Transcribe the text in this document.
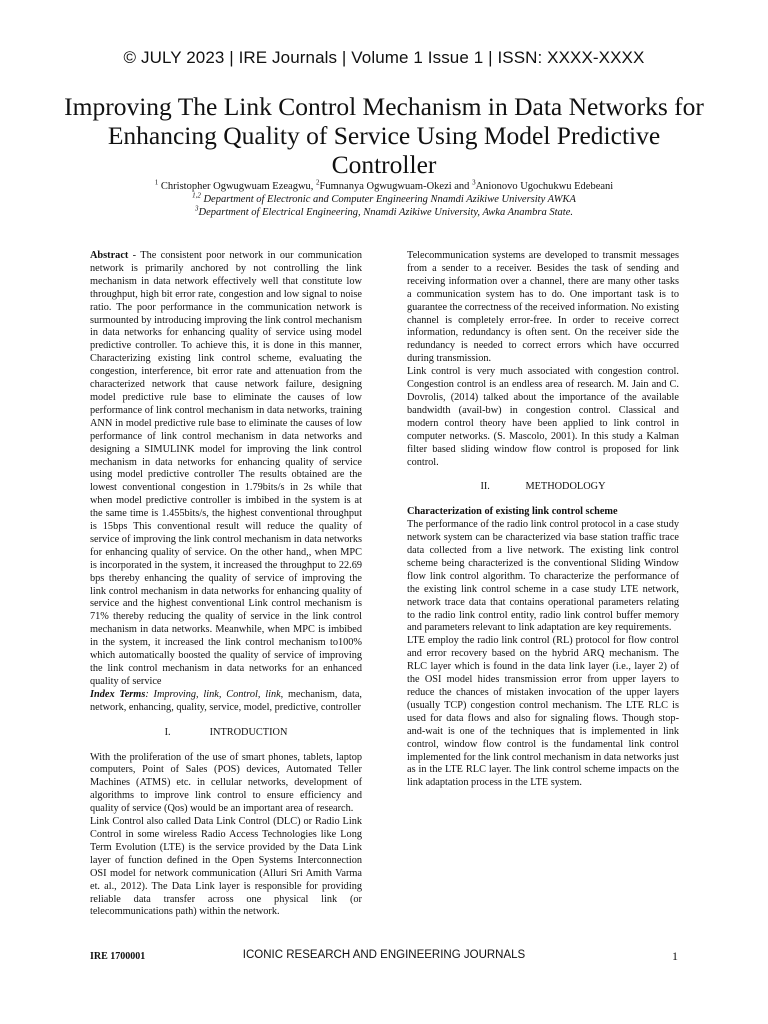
© JULY 2023 | IRE Journals | Volume 1 Issue 1 | ISSN: XXXX-XXXX
Improving The Link Control Mechanism in Data Networks for Enhancing Quality of Service Using Model Predictive Controller
$^1$ Christopher Ogwugwuam Ezeagwu, $^2$Fumnanya Ogwugwuam-Okezi and $^3$Anionovo Ugochukwu Edebeani
$^{1,2}$ Department of Electronic and Computer Engineering Nnamdi Azikiwe University AWKA
$^3$Department of Electrical Engineering, Nnamdi Azikiwe University, Awka Anambra State.

Abstract - The consistent poor network in our communication network is primarily anchored by not controlling the link mechanism in data network effectively well that constitute low throughput, high bit error rate, congestion and low signal to noise ratio. The poor performance in the communication network is surmounted by introducing improving the link control mechanism in data networks for enhancing quality of service using model predictive controller. To achieve this, it is done in this manner, Characterizing existing link control scheme, evaluating the congestion, interference, bit error rate and attenuation from the characterized network that cause network failure, designing model predictive rule base to eliminate the causes of low performance of link control mechanism in data networks, training ANN in model predictive rule base to eliminate the causes of low performance of link control mechanism in data networks and designing a SIMULINK model for improving the link control mechanism in data networks for enhancing quality of service using model predictive controller The results obtained are the lowest conventional congestion in 1.79bits/s in 2s while that when model predictive controller is imbibed in the system is at the same time is 1.455bits/s, the highest conventional throughput is 15bps This conventional result will reduce the quality of service of improving the link control mechanism in data networks for enhancing quality of service. On the other hand,, when MPC is incorporated in the system, it increased the throughput to 22.69 bps thereby enhancing the quality of service of improving the link control mechanism in data networks for enhancing quality of service and the highest conventional Link control mechanism is 71% thereby reducing the quality of service in the link control mechanism in data networks. Meanwhile, when MPC is imbibed in the system, it increased the link control mechanism to100% which automatically boosted the quality of service of improving the link control mechanism in data networks for an enhanced quality of service

Index Terms: Improving, link, Control, link, mechanism, data, network, enhancing, quality, service, model, predictive, controller

I.	INTRODUCTION

With the proliferation of the use of smart phones, tablets, laptop computers, Point of Sales (POS) devices, Automated Teller Machines (ATMS) etc. in cellular networks, development of algorithms to improve link control to ensure efficiency and quality of service (Qos) would be an important area of research.

Link Control also called Data Link Control (DLC) or Radio Link Control in some wireless Radio Access Technologies like Long Term Evolution (LTE) is the service provided by the Data Link layer of function defined in the Open Systems Interconnection OSI model for network communication (Alluri Sri Amith Varma et. al., 2012). The Data Link layer is responsible for providing reliable data transfer across one physical link (or telecommunications path) within the network.

Telecommunication systems are developed to transmit messages from a sender to a receiver. Besides the task of sending and receiving information over a channel, there are many other tasks a communication system has to do. One important task is to guarantee the correctness of the received information. No existing channel is completely error-free. In order to receive correct information, redundancy is often sent. On the receiver side the redundancy is needed to correct errors which have occurred during transmission.

Link control is very much associated with congestion control. Congestion control is an endless area of research. M. Jain and C. Dovrolis, (2014) talked about the importance of the available bandwidth (avail-bw) in congestion control. Classical and modern control theory have been applied to link control in computer networks. (S. Mascolo, 2001). In this study a Kalman filter based sliding window flow control is proposed for link control.

II.	METHODOLOGY

Characterization of existing link control scheme

The performance of the radio link control protocol in a case study network system can be characterized via base station traffic trace data collected from a live network. The existing link control scheme being characterized is the conventional Sliding Window flow link control algorithm. To characterize the performance of the existing link control scheme in a case study LTE network, network trace data that contains operational parameters relating to the radio link control entity, radio link control buffer memory and parameters relevant to link adaptation are key requirements.

LTE employ the radio link control (RL) protocol for flow control and error recovery based on the hybrid ARQ mechanism. The RLC layer which is found in the data link layer (i.e., layer 2) of the OSI model hides transmission error from upper layers to reduce the chances of mistaken invocation of the upper layers (usually TCP) congestion control mechanism. The LTE RLC is used for data flows and also for signaling flows. Though stop-and-wait is one of the techniques that is implemented in link control, window flow control is the fundamental link control implemented for the link control mechanism in data networks just as in the LTE RLC layer. The link control scheme impacts on the link adaptation process in the LTE system.

IRE 1700001	ICONIC RESEARCH AND ENGINEERING JOURNALS	1
